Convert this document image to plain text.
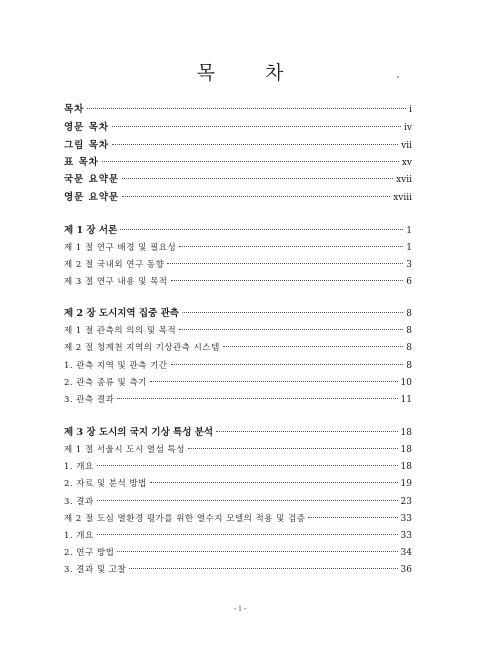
목 차
목차	i
영문 목차	iv
그림 목차	vii
표 목차	xv
국문 요약문	xvii
영문 요약문	xviii
제 1 장 서론	1
제 1 절 연구 배경 및 필요성	1
제 2 절 국내외 연구 동향	3
제 3 절 연구 내용 및 목적	6
제 2 장 도시지역 집중 관측	8
제 1 절 관측의 의의 및 목적	8
제 2 절 청계천 지역의 기상관측 시스템	8
1. 관측 지역 및 관측 기간	8
2. 관측 종류 및 측기	10
3. 관측 결과	11
제 3 장 도시의 국지 기상 특성 분석	18
제 1 절 서울시 도시 열섬 특성	18
1. 개요	18
2. 자료 및 분석 방법	19
3. 결과	23
제 2 절 도심 열환경 평가를 위한 열수지 모델의 적용 및 검증	33
1. 개요	33
2. 연구 방법	34
3. 결과 및 고찰	36
- i -
